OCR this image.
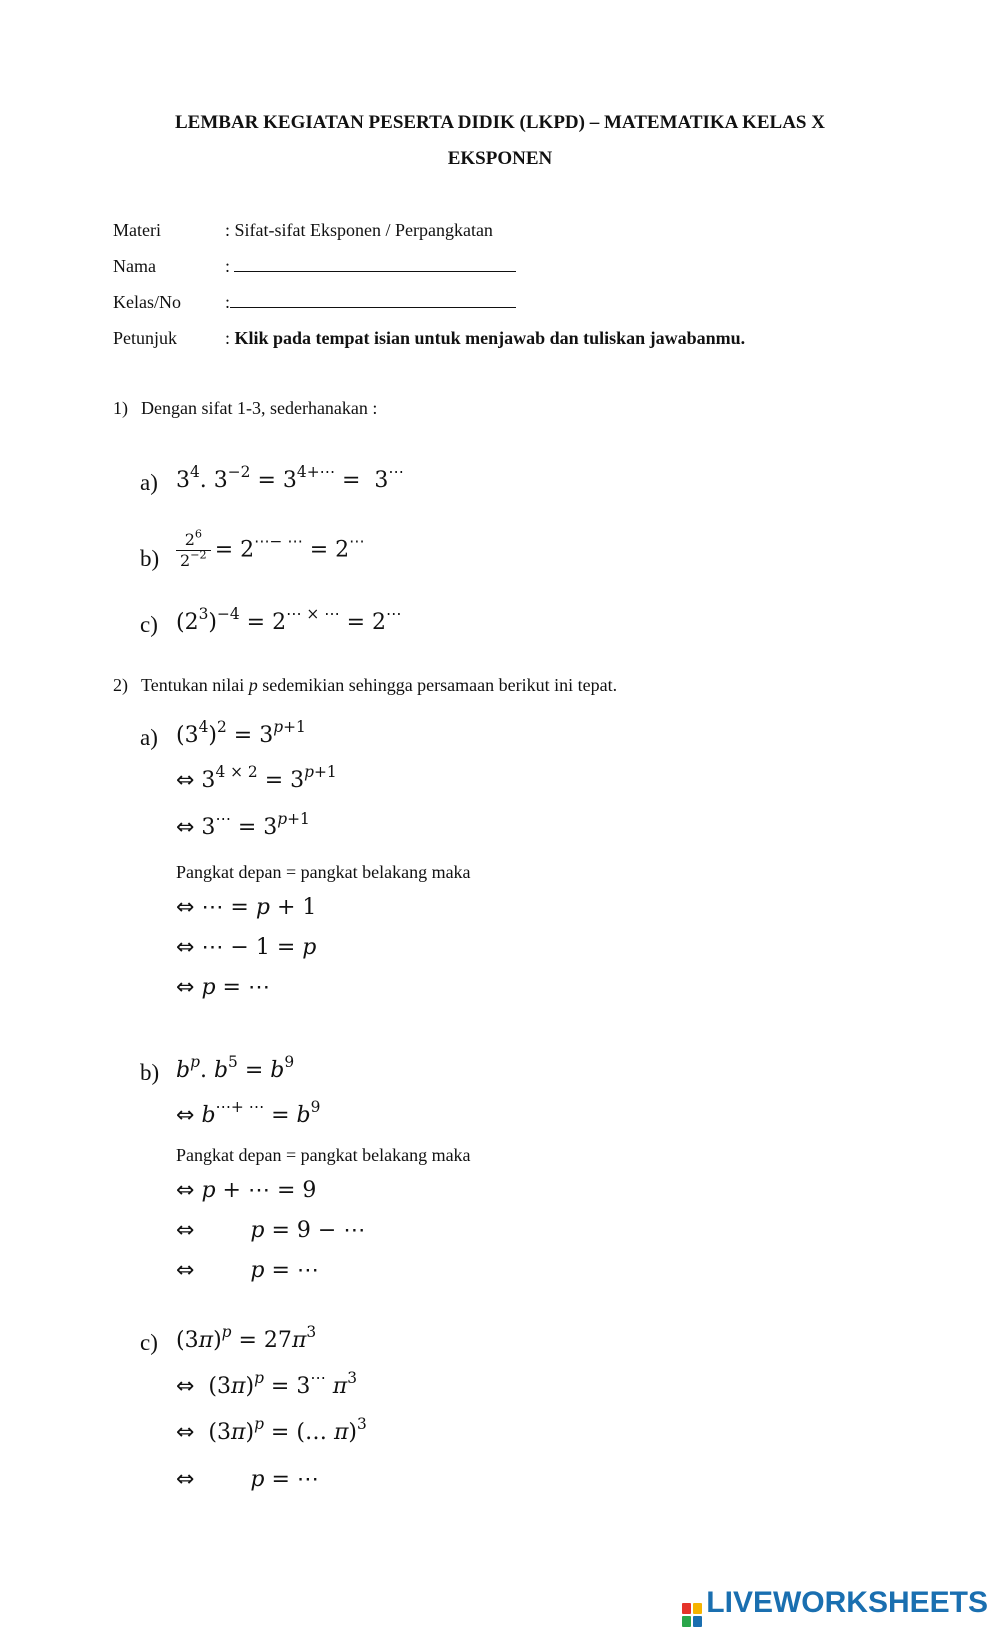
LEMBAR KEGIATAN PESERTA DIDIK (LKPD) – MATEMATIKA KELAS X
EKSPONEN
Materi	: Sifat-sifat Eksponen / Perpangkatan
Nama	:
Kelas/No :
Petunjuk	: Klik pada tempat isian untuk menjawab dan tuliskan jawabanmu.
1) Dengan sifat 1-3, sederhanakan :
a) $3^4$. $3^{-2} = 3^{4+\cdots} = 3^\cdots$
$b) \frac{2^6}{2^{-2}} = 2^{\cdots- \cdots} = 2^\cdots$
c) $(2^3)^{-4} = 2^{\cdots \times \cdots} = 2^\cdots$
2) Tentukan nilai p sedemikian sehingga persamaan berikut ini tepat.
a) $(3^4)^2 = 3^{p+1}$
⇔ $3^{4 \times 2} = 3^{p+1}$
⇔ $3^\cdots = 3^{p+1}$
Pangkat depan = pangkat belakang maka
⇔ ⋯ = p + 1
⇔ ⋯ − 1 = p
⇔ p = ⋯
b) $b^p$. $b^5 = b^9$
⇔ $b^{\cdots+ \cdots} = b^9$
Pangkat depan = pangkat belakang maka
⇔ p + ⋯ = 9
⇔	p = 9 − ⋯
⇔	p = ⋯
c) $(3\pi)^p = 27\pi^3$
⇔  $(3\pi)^p = 3^\cdots$ $\pi^3$
⇔  $(3\pi)^p$ = (… π)$^3$
⇔	p = ⋯
LIVEWORKSHEETS
